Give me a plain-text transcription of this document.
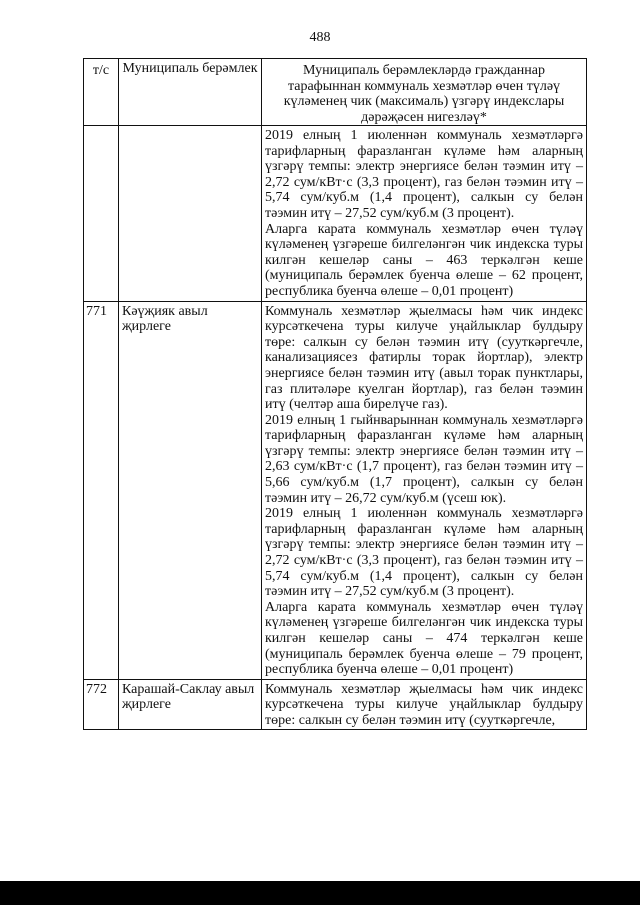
488
т/с	Муниципаль берәмлек	Муниципаль берәмлекләрдә гражданнар тарафыннан коммуналь хезмәтләр өчен түләү күләменең чик (максималь) үзгәрү индекслары дәрәҗәсен нигезләү*

		2019 елның 1 июленнән коммуналь хезмәтләргә тарифларның фаразланган күләме һәм аларның үзгәрү темпы: электр энергиясе белән тәэмин итү – 2,72 сум/кВт·с (3,3 процент), газ белән тәэмин итү – 5,74 сум/куб.м (1,4 процент), салкын су белән тәэмин итү – 27,52 сум/куб.м (3 процент).

Аларга карата коммуналь хезмәтләр өчен түләү күләменең үзгәреше билгеләнгән чик индекска туры килгән кешеләр саны – 463 теркәлгән кеше (муниципаль берәмлек буенча өлеше – 62 процент, республика буенча өлеше – 0,01 процент)

771	Кәүҗияк авыл җирлеге	Коммуналь хезмәтләр җыелмасы һәм чик индекс курсәткечена туры килуче уңайлыклар булдыру төре: салкын су белән тәэмин итү (сууткәргечле, канализациясез фатирлы торак йортлар), электр энергиясе белән тәэмин итү (авыл торак пунктлары, газ плитәләре куелган йортлар), газ белән тәэмин итү (челтәр аша бирелүче газ).

2019 елның 1 гыйнварыннан коммуналь хезмәтләргә тарифларның фаразланган күләме һәм аларның үзгәрү темпы: электр энергиясе белән тәэмин итү – 2,63 сум/кВт·с (1,7 процент), газ белән тәэмин итү – 5,66 сум/куб.м (1,7 процент), салкын су белән тәэмин итү – 26,72 сум/куб.м (үсеш юк).

2019 елның 1 июленнән коммуналь хезмәтләргә тарифларның фаразланган күләме һәм аларның үзгәрү темпы: электр энергиясе белән тәэмин итү – 2,72 сум/кВт·с (3,3 процент), газ белән тәэмин итү – 5,74 сум/куб.м (1,4 процент), салкын су белән тәэмин итү – 27,52 сум/куб.м (3 процент).

Аларга карата коммуналь хезмәтләр өчен түләү күләменең үзгәреше билгеләнгән чик индекска туры килгән кешеләр саны – 474 теркәлгән кеше (муниципаль берәмлек буенча өлеше – 79 процент, республика буенча өлеше – 0,01 процент)

772	Карашай-Саклау авыл җирлеге	Коммуналь хезмәтләр җыелмасы һәм чик индекс курсәткечена туры килуче уңайлыклар булдыру төре: салкын су белән тәэмин итү (сууткәргечле,
